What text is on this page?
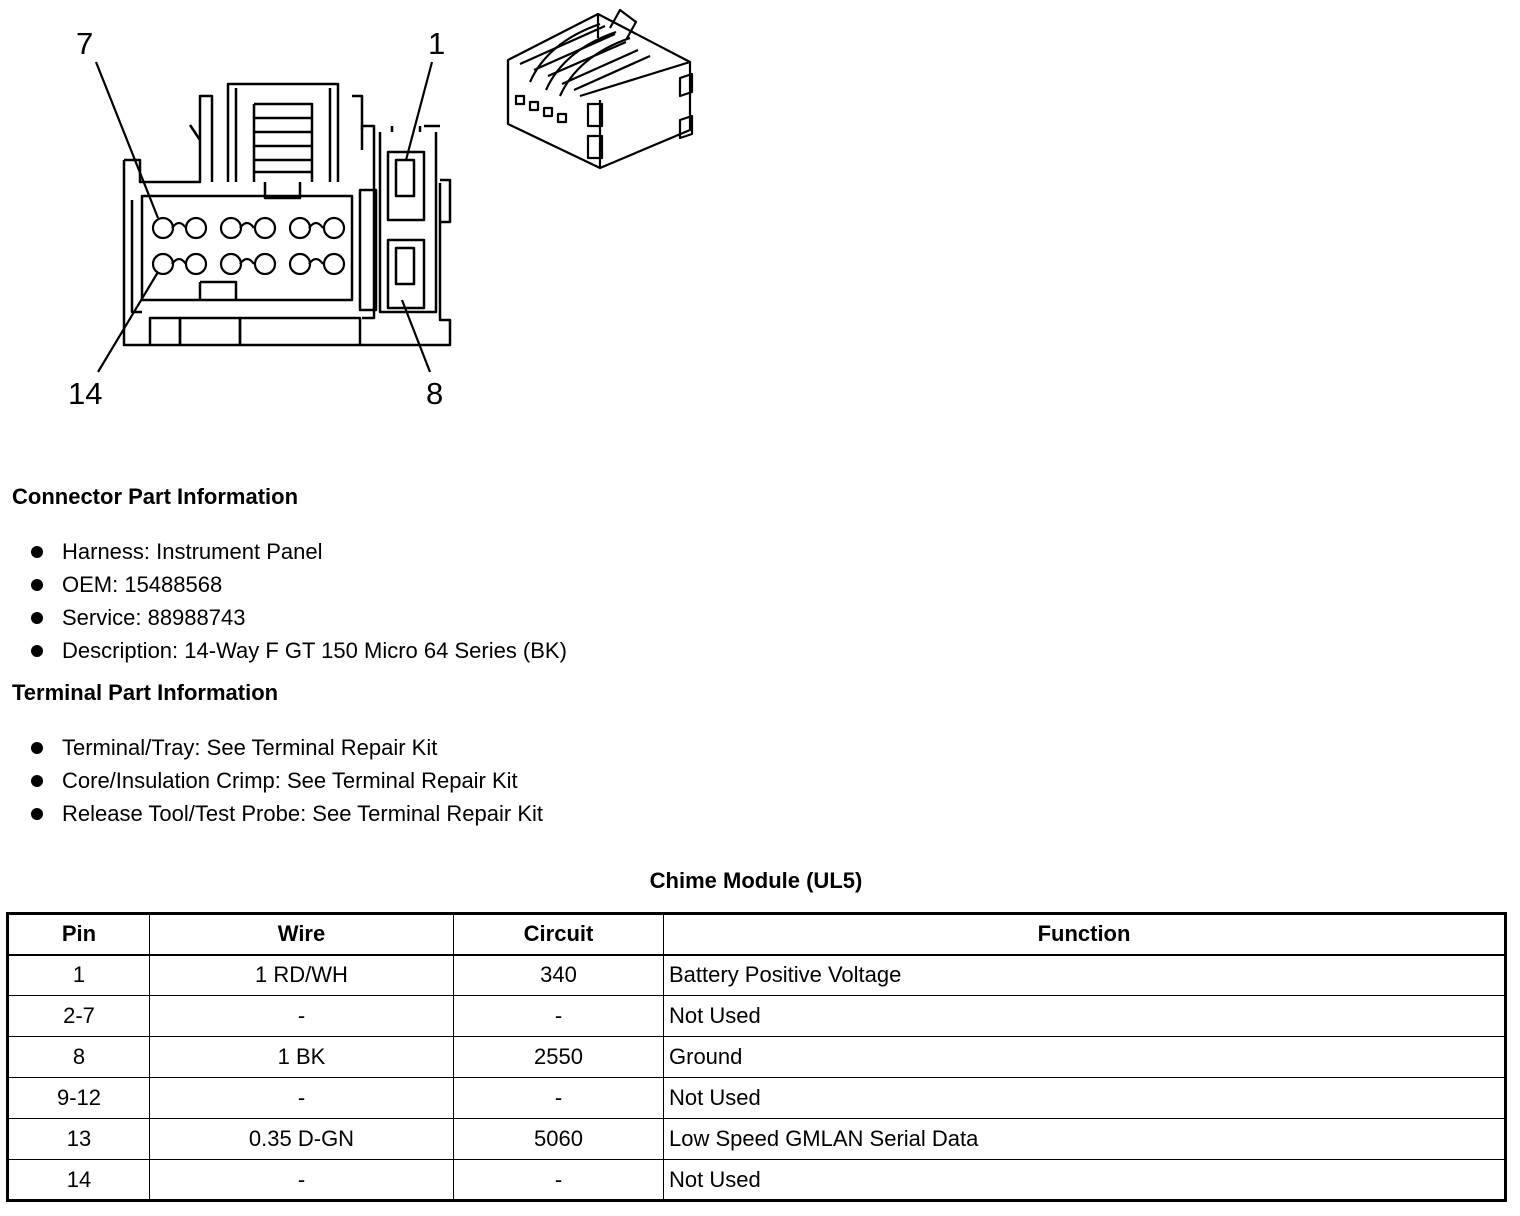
7	1
14	8
Connector Part Information
Harness: Instrument Panel
OEM: 15488568
Service: 88988743
Description: 14-Way F GT 150 Micro 64 Series (BK)
Terminal Part Information
Terminal/Tray: See Terminal Repair Kit
Core/Insulation Crimp: See Terminal Repair Kit
Release Tool/Test Probe: See Terminal Repair Kit
Chime Module (UL5)
Pin	Wire	Circuit	Function
1	1 RD/WH	340	Battery Positive Voltage
2-7	-	-	Not Used
8	1 BK	2550	Ground
9-12	-	-	Not Used
13	0.35 D-GN	5060	Low Speed GMLAN Serial Data
14	-	-	Not Used
